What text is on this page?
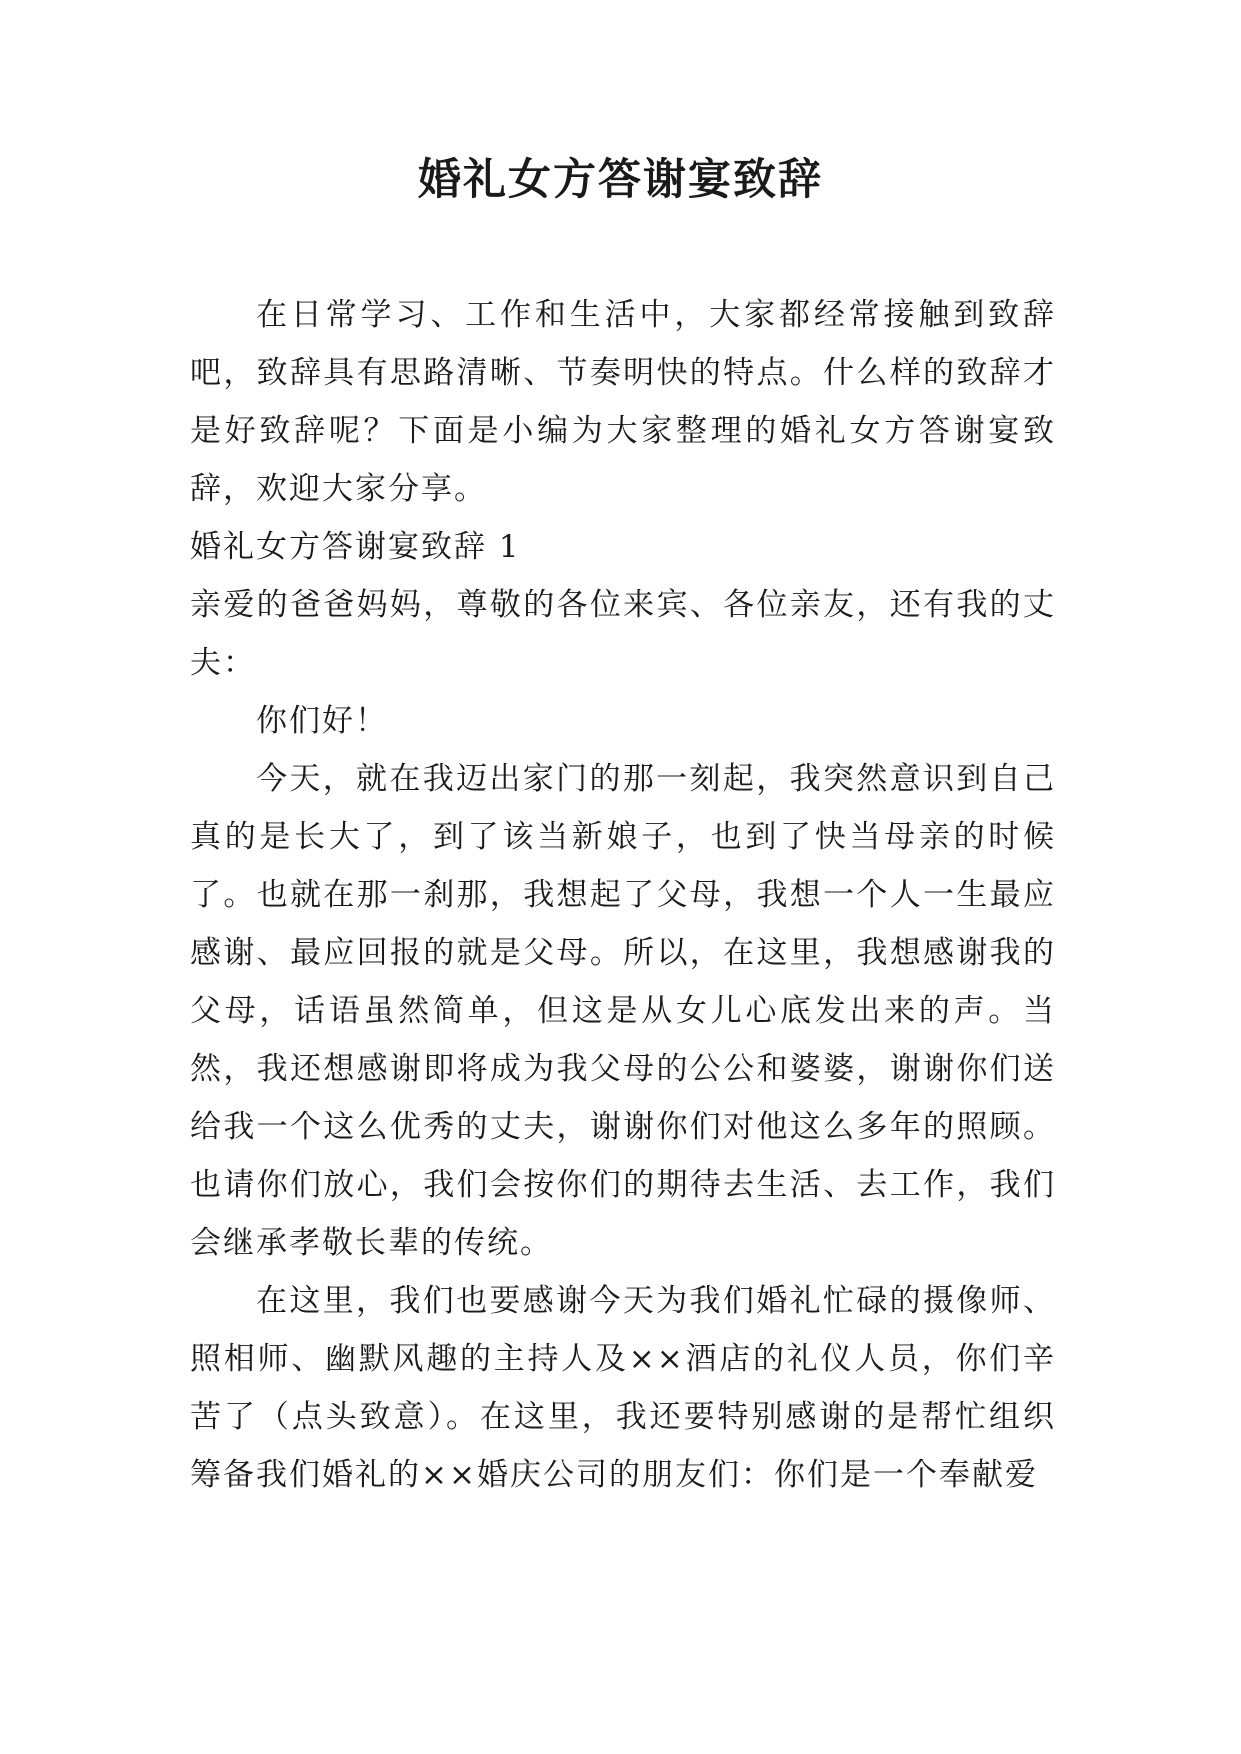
婚礼女方答谢宴致辞

在日常学习、工作和生活中，大家都经常接触到致辞吧，致辞具有思路清晰、节奏明快的特点。什么样的致辞才是好致辞呢？下面是小编为大家整理的婚礼女方答谢宴致辞，欢迎大家分享。

婚礼女方答谢宴致辞 1

亲爱的爸爸妈妈，尊敬的各位来宾、各位亲友，还有我的丈夫：

你们好！

今天，就在我迈出家门的那一刻起，我突然意识到自己真的是长大了，到了该当新娘子，也到了快当母亲的时候了。也就在那一刹那，我想起了父母，我想一个人一生最应感谢、最应回报的就是父母。所以，在这里，我想感谢我的父母，话语虽然简单，但这是从女儿心底发出来的声。当然，我还想感谢即将成为我父母的公公和婆婆，谢谢你们送给我一个这么优秀的丈夫，谢谢你们对他这么多年的照顾。也请你们放心，我们会按你们的期待去生活、去工作，我们会继承孝敬长辈的传统。

在这里，我们也要感谢今天为我们婚礼忙碌的摄像师、照相师、幽默风趣的主持人及××酒店的礼仪人员，你们辛苦了（点头致意）。在这里，我还要特别感谢的是帮忙组织筹备我们婚礼的××婚庆公司的朋友们：你们是一个奉献爱
